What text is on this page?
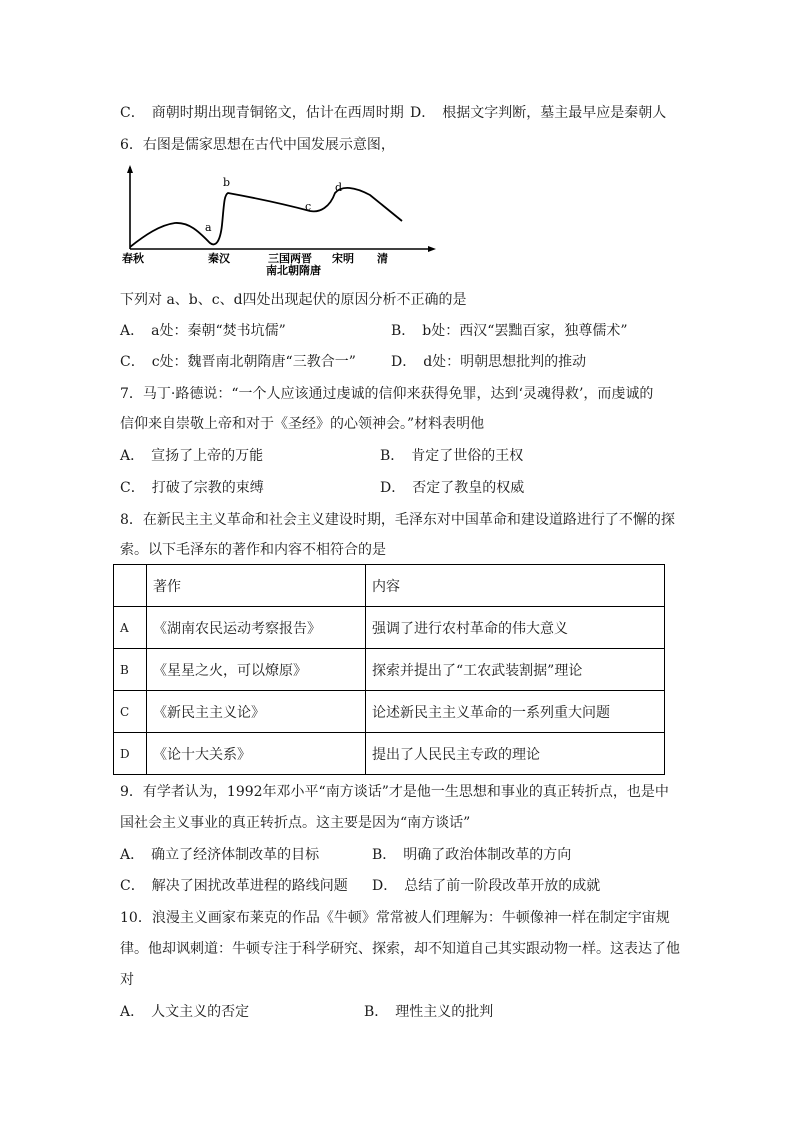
C．　商朝时期出现青铜铭文，估计在西周时期 D．　根据文字判断，墓主最早应是秦朝人
6．右图是儒家思想在古代中国发展示意图，
a
b
c
d
春秋	秦汉	三国两晋
南北朝隋唐
宋明 清
下列对 a、b、c、d四处出现起伏的原因分析不正确的是
A．　a处：秦朝“焚书坑儒”	B．　b处：西汉“罢黜百家，独尊儒术”
C．　c处：魏晋南北朝隋唐“三教合一”	D．　d处：明朝思想批判的推动
7．马丁·路德说：“一个人应该通过虔诚的信仰来获得免罪，达到‘灵魂得救’，而虔诚的
信仰来自崇敬上帝和对于《圣经》的心领神会。”材料表明他
A．　宣扬了上帝的万能	B．　肯定了世俗的王权
C．　打破了宗教的束缚	D．　否定了教皇的权威
8．在新民主主义革命和社会主义建设时期，毛泽东对中国革命和建设道路进行了不懈的探
索。以下毛泽东的著作和内容不相符合的是
	著作	内容
A	《湖南农民运动考察报告》	强调了进行农村革命的伟大意义
B	《星星之火，可以燎原》	探索并提出了“工农武装割据”理论
C	《新民主主义论》	论述新民主主义革命的一系列重大问题
D	《论十大关系》	提出了人民民主专政的理论
9．有学者认为，1992年邓小平“南方谈话”才是他一生思想和事业的真正转折点，也是中
国社会主义事业的真正转折点。这主要是因为“南方谈话”
A．　确立了经济体制改革的目标	B．　明确了政治体制改革的方向
C．　解决了困扰改革进程的路线问题 D．　总结了前一阶段改革开放的成就
10．浪漫主义画家布莱克的作品《牛顿》常常被人们理解为：牛顿像神一样在制定宇宙规
律。他却讽刺道：牛顿专注于科学研究、探索，却不知道自己其实跟动物一样。这表达了他
对
A．　人文主义的否定	B．　理性主义的批判
